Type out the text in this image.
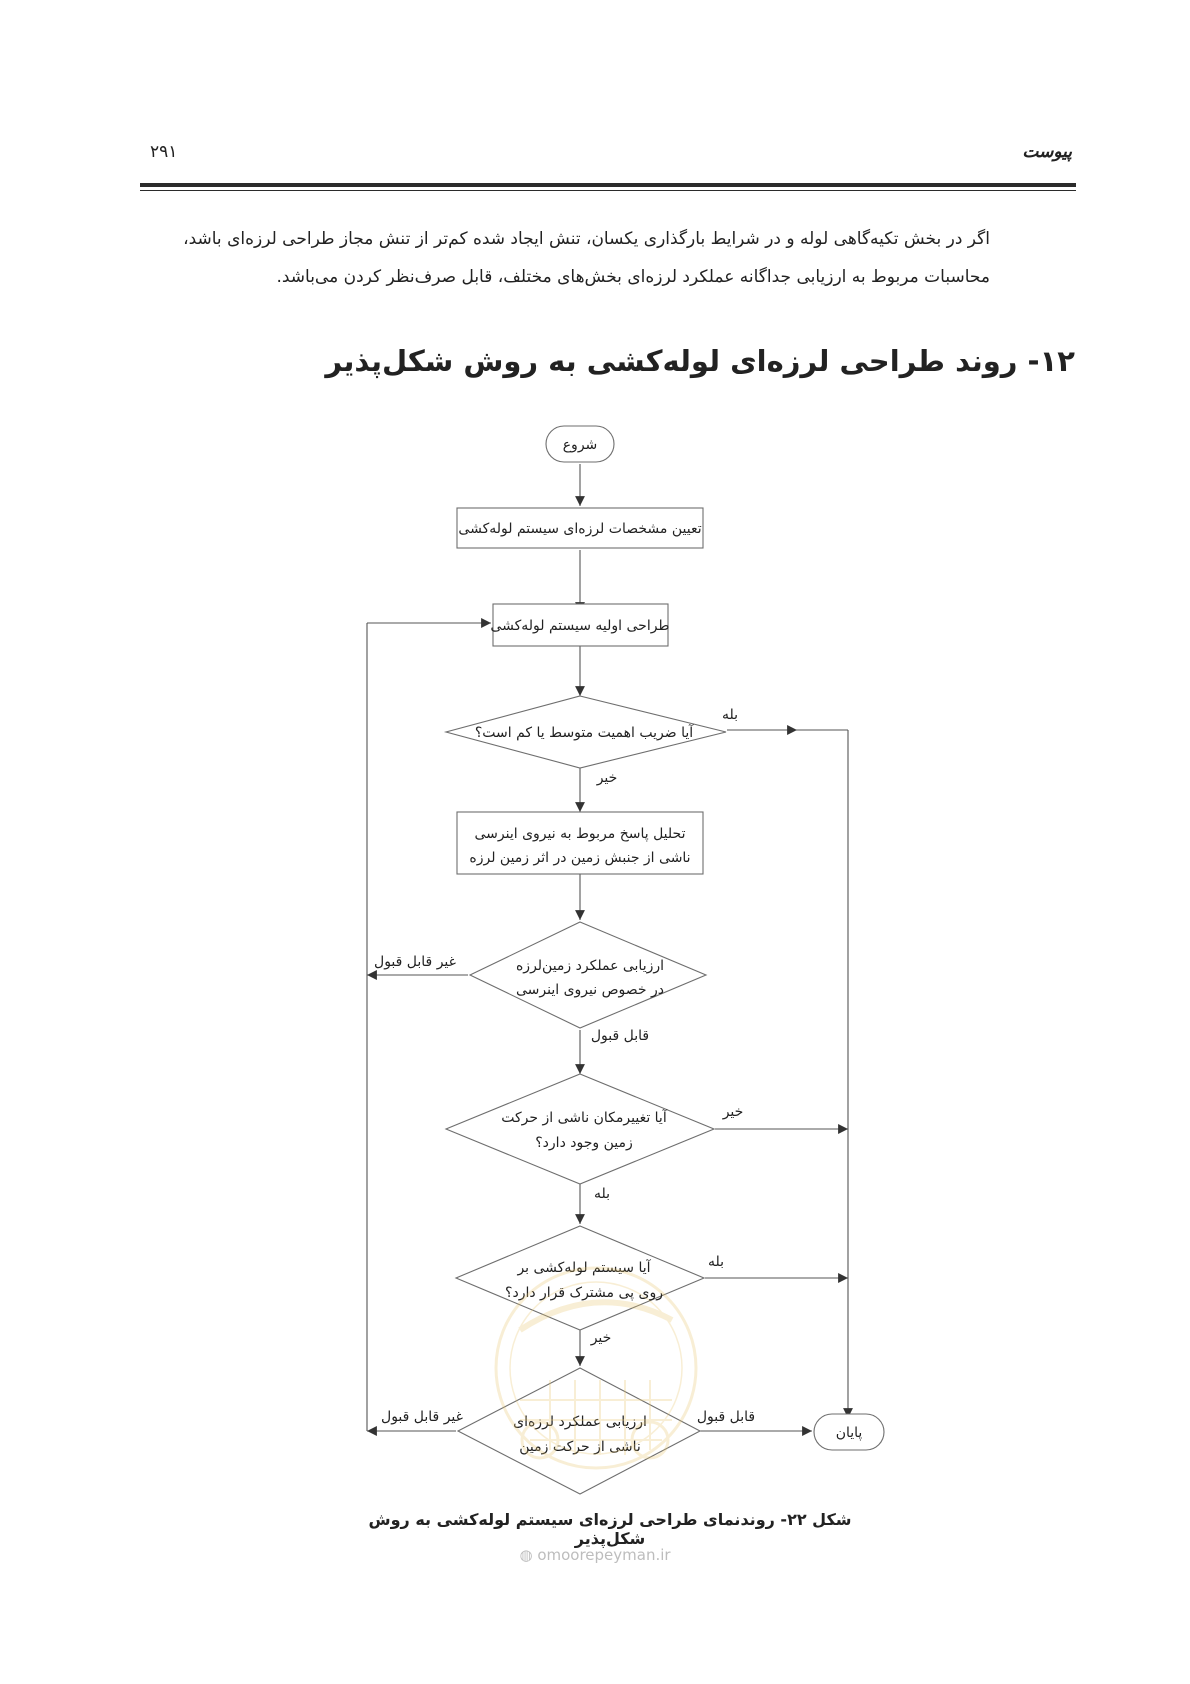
۲۹۱	پیوست

اگر در بخش تکیه‌گاهی لوله و در شرایط بارگذاری یکسان، تنش ایجاد شده کم‌تر از تنش مجاز طراحی لرزه‌ای باشد،

محاسبات مربوط به ارزیابی جداگانه عملکرد لرزه‌ای بخش‌های مختلف، قابل صرف‌نظر کردن می‌باشد.

۱۲- روند طراحی لرزه‌ای لوله‌کشی به روش شکل‌پذیر
شروع
تعیین مشخصات لرزه‌ای سیستم لوله‌کشی
طراحی اولیه سیستم لوله‌کشی
آیا ضریب اهمیت متوسط یا کم است؟
بله
خیر
تحلیل پاسخ مربوط به نیروی اینرسی
ناشی از جنبش زمین در اثر زمین لرزه
ارزیابی عملکرد زمین‌لرزه
در خصوص نیروی اینرسی
غیر قابل قبول
قابل قبول
آیا تغییرمکان ناشی از حرکت
زمین وجود دارد؟
خیر
بله
آیا سیستم لوله‌کشی بر
روی پی مشترک قرار دارد؟
بله
خیر
ارزیابی عملکرد لرزه‌ای
ناشی از حرکت زمین
غیر قابل قبول	قابل قبول
پایان
شکل ۲۲- روندنمای طراحی لرزه‌ای سیستم لوله‌کشی به روش شکل‌پذیر
◍ omoorepeyman.ir
